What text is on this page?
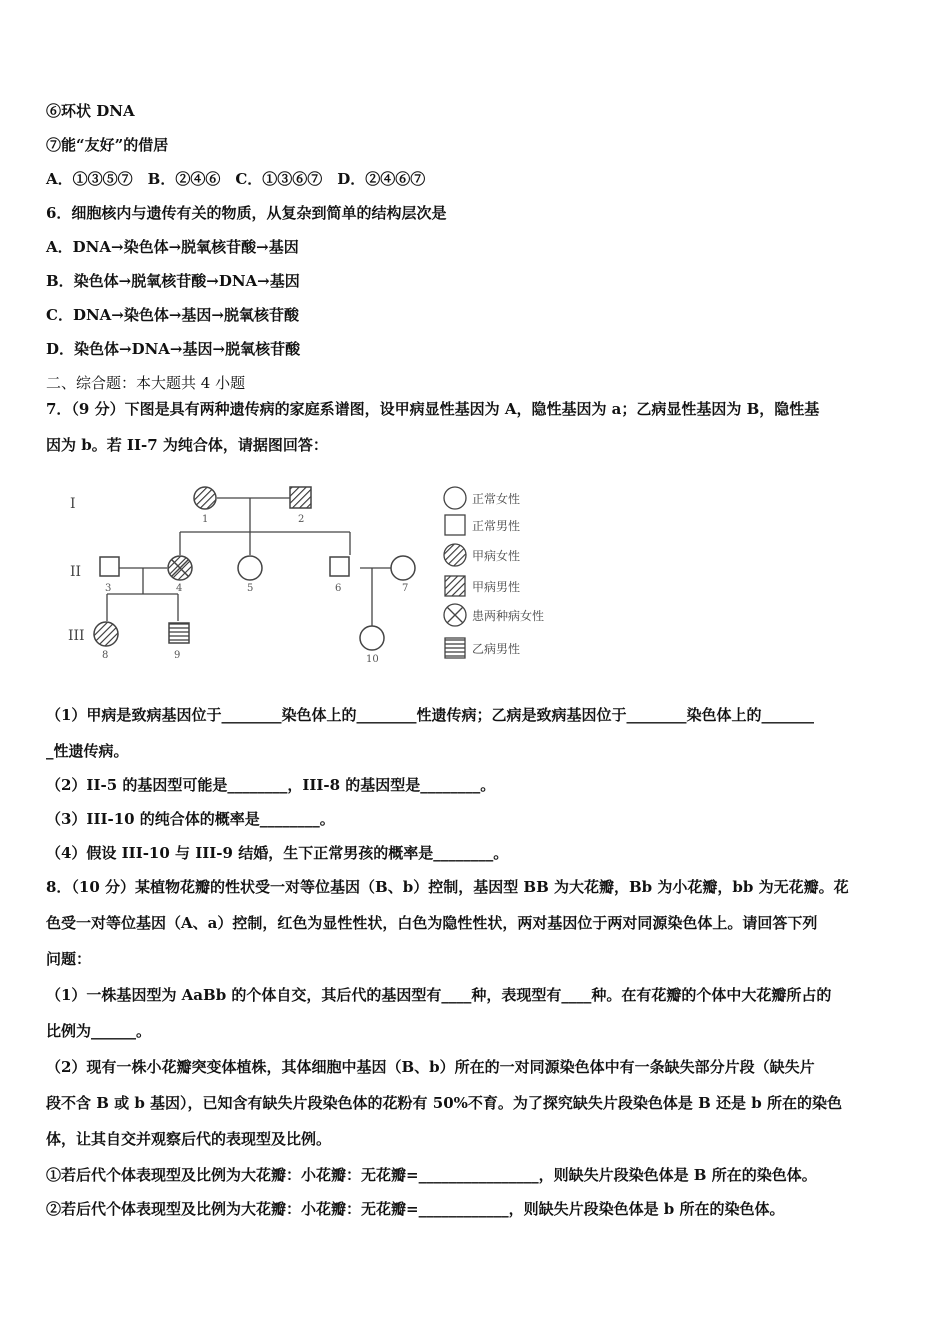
⑥环状 DNA
⑦能“友好”的借居
A．①③⑤⑦　B．②④⑥　C．①③⑥⑦　D．②④⑥⑦
6．细胞核内与遗传有关的物质，从复杂到简单的结构层次是
A．DNA→染色体→脱氧核苷酸→基因
B．染色体→脱氧核苷酸→DNA→基因
C．DNA→染色体→基因→脱氧核苷酸
D．染色体→DNA→基因→脱氧核苷酸
二、综合题：本大题共 4 小题
7．（9 分）下图是具有两种遗传病的家庭系谱图，设甲病显性基因为 A，隐性基因为 a；乙病显性基因为 B，隐性基
因为 b。若 II-7 为纯合体，请据图回答：
I
II
III
1	2
3	4	5	6	7
8	9	10
正常女性
正常男性
甲病女性
甲病男性
患两种病女性
乙病男性
（1）甲病是致病基因位于________染色体上的________性遗传病；乙病是致病基因位于________染色体上的_______
_性遗传病。
（2）II-5 的基因型可能是________，III-8 的基因型是________。
（3）III-10 的纯合体的概率是________。
（4）假设 III-10 与 III-9 结婚，生下正常男孩的概率是________。
8．（10 分）某植物花瓣的性状受一对等位基因（B、b）控制，基因型 BB 为大花瓣，Bb 为小花瓣，bb 为无花瓣。花
色受一对等位基因（A、a）控制，红色为显性性状，白色为隐性性状，两对基因位于两对同源染色体上。请回答下列
问题：
（1）一株基因型为 AaBb 的个体自交，其后代的基因型有____种，表现型有____种。在有花瓣的个体中大花瓣所占的
比例为______。
（2）现有一株小花瓣突变体植株，其体细胞中基因（B、b）所在的一对同源染色体中有一条缺失部分片段（缺失片
段不含 B 或 b 基因），已知含有缺失片段染色体的花粉有 50%不育。为了探究缺失片段染色体是 B 还是 b 所在的染色
体，让其自交并观察后代的表现型及比例。
①若后代个体表现型及比例为大花瓣：小花瓣：无花瓣=________________，则缺失片段染色体是 B 所在的染色体。
②若后代个体表现型及比例为大花瓣：小花瓣：无花瓣=____________，则缺失片段染色体是 b 所在的染色体。
